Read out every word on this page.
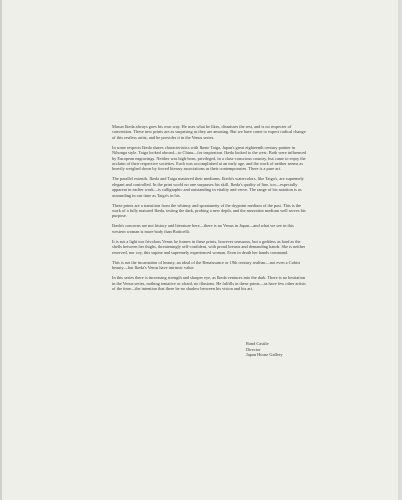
Masuo Ikeda always goes his own way. He uses what he likes, dismisses the rest, and is no respecter of convention. These new prints are as surprising as they are amusing. But we have come to expect radical change of this restless artist, and he provides it in the Venus series.

In some respects Ikeda shares characteristics with Ikeno Taiga, Japan's great eighteenth century painter in Nihonga style. Taiga looked abroad—to China—for inspiration. Ikeda looked to the west. Both were influenced by European engravings. Neither was high-born, privileged, in a class-conscious country, but came to enjoy the acclaim of their respective societies. Each was accomplished at an early age, and the work of neither seems as heavily weighed down by forced literary associations as their contemporaries. There is a pure art.

The parallel extends. Ikeda and Taiga mastered their mediums. Ikeda's watercolors, like Taiga's, are supremely elegant and controlled. In the print world no one surpasses his skill. Ikeda's quality of line, too—especially apparent in earlier work—is calligraphic and outstanding in vitality and verve. The range of his notation is as astounding in our time as Taiga's in his.

These prints are a transition from the whimsy and spontaneity of the drypoint medium of the past. This is the work of a fully matured Ikeda, testing the dark, probing a new depth, and the mezzotint medium well serves his purpose.

Ikeda's concerns are not history and literature here—there is no Venus in Japan—and what we see in this western woman is more body than Botticelli.

It is not a light nor frivolous Venus he frames in these prints, however sensuous, but a goddess as hard as the shells between her thighs, threateningly self-confident, with proud breasts and demanding hands. She is neither reserved, nor coy, this supine and supremely experienced woman. Even in death her hands command.

This is not the incarnation of beauty, an ideal of the Renaissance or 19th century realism—not even a Cubist beauty—but Ikeda's Venus have intrinsic value.

In this series there is increasing strength and sharper eye, as Ikeda ventures into the dark. There is no hesitation in the Venus series, nothing tentative or afraid, no illusions. He fulfills in these prints—as have few other artists of the time—the intention that there be no shadow between his vision and his art.

Rand Castile
Director
Japan House Gallery
